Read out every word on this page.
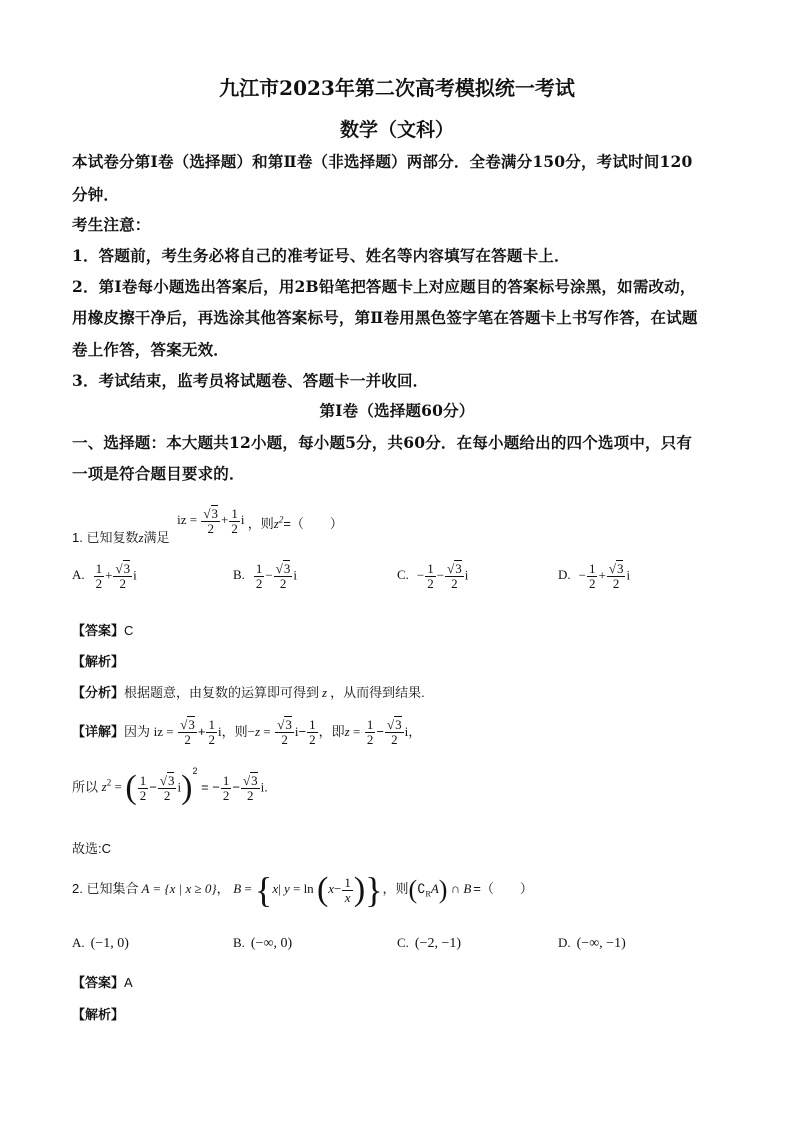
九江市2023年第二次高考模拟统一考试
数学（文科）
本试卷分第Ⅰ卷（选择题）和第Ⅱ卷（非选择题）两部分．全卷满分150分，考试时间120
分钟．
考生注意：
1．答题前，考生务必将自己的准考证号、姓名等内容填写在答题卡上．
2．第Ⅰ卷每小题选出答案后，用2B铅笔把答题卡上对应题目的答案标号涂黑，如需改动，
用橡皮擦干净后，再选涂其他答案标号，第Ⅱ卷用黑色签字笔在答题卡上书写作答，在试题
卷上作答，答案无效．
3．考试结束，监考员将试题卷、答题卡一并收回．
第Ⅰ卷（选择题60分）
一、选择题：本大题共12小题，每小题5分，共60分．在每小题给出的四个选项中，只有
一项是符合题目要求的．
1. 已知复数z满足 iz = $\frac{√3}{2} + \frac{1}{2}$ i ，则$z^2=$（　　）
A. $\frac{1}{2} + \frac{√3}{2}$ i	B. $\frac{1}{2} - \frac{√3}{2}$ i	C. − $\frac{1}{2} - \frac{√3}{2}$ i	D. − $\frac{1}{2} + \frac{√3}{2}$ i
【答案】C
【解析】
【分析】根据题意，由复数的运算即可得到 z ，从而得到结果.
【详解】因为 iz = $\frac{√3}{2} + \frac{1}{2}$ i，则$-z = \frac{√3}{2} i- \frac{1}{2}$ ，即$z = \frac{1}{2} - \frac{√3}{2}$ i，
所以 $z^2$ = ( $\frac{1}{2} - \frac{√3}{2} i)^2$ = − $\frac{1}{2} - \frac{√3}{2} i$.
故选:C
2. 已知集合 A = {x | x ≥ 0}， B = {x| $y = \ln (x- \frac{1}{x}$ )}，则$(∁_RA)$ ∩ B =（　　）
A. (−1, 0)	B. (−∞, 0)	C. (−2, −1)	D. (−∞, −1)
【答案】A
【解析】
